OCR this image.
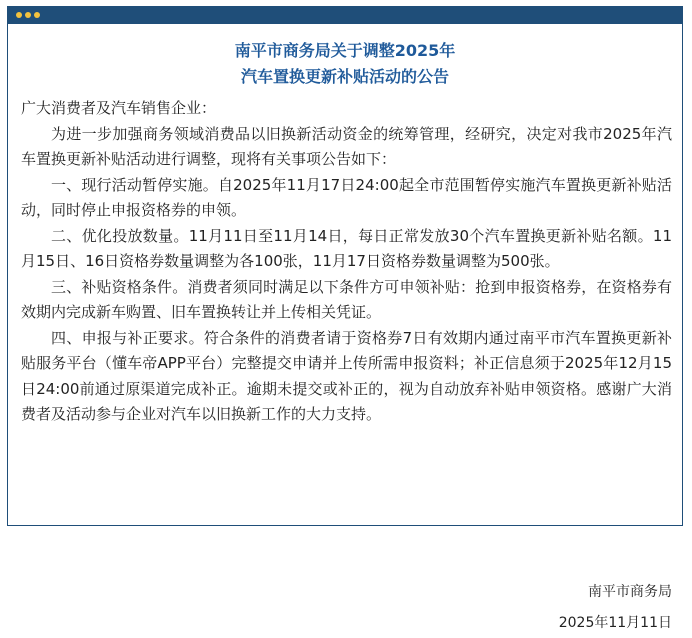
南平市商务局关于调整2025年
汽车置换更新补贴活动的公告

广大消费者及汽车销售企业：

为进一步加强商务领域消费品以旧换新活动资金的统筹管理，经研究，决定对我市2025年汽车置换更新补贴活动进行调整，现将有关事项公告如下：

一、现行活动暂停实施。自2025年11月17日24:00起全市范围暂停实施汽车置换更新补贴活动，同时停止申报资格券的申领。

二、优化投放数量。11月11日至11月14日，每日正常发放30个汽车置换更新补贴名额。11月15日、16日资格券数量调整为各100张，11月17日资格券数量调整为500张。

三、补贴资格条件。消费者须同时满足以下条件方可申领补贴：抢到申报资格券，在资格券有效期内完成新车购置、旧车置换转让并上传相关凭证。

四、申报与补正要求。符合条件的消费者请于资格券7日有效期内通过南平市汽车置换更新补贴服务平台（懂车帝APP平台）完整提交申请并上传所需申报资料；补正信息须于2025年12月15日24:00前通过原渠道完成补正。逾期未提交或补正的，视为自动放弃补贴申领资格。感谢广大消费者及活动参与企业对汽车以旧换新工作的大力支持。

南平市商务局
2025年11月11日
